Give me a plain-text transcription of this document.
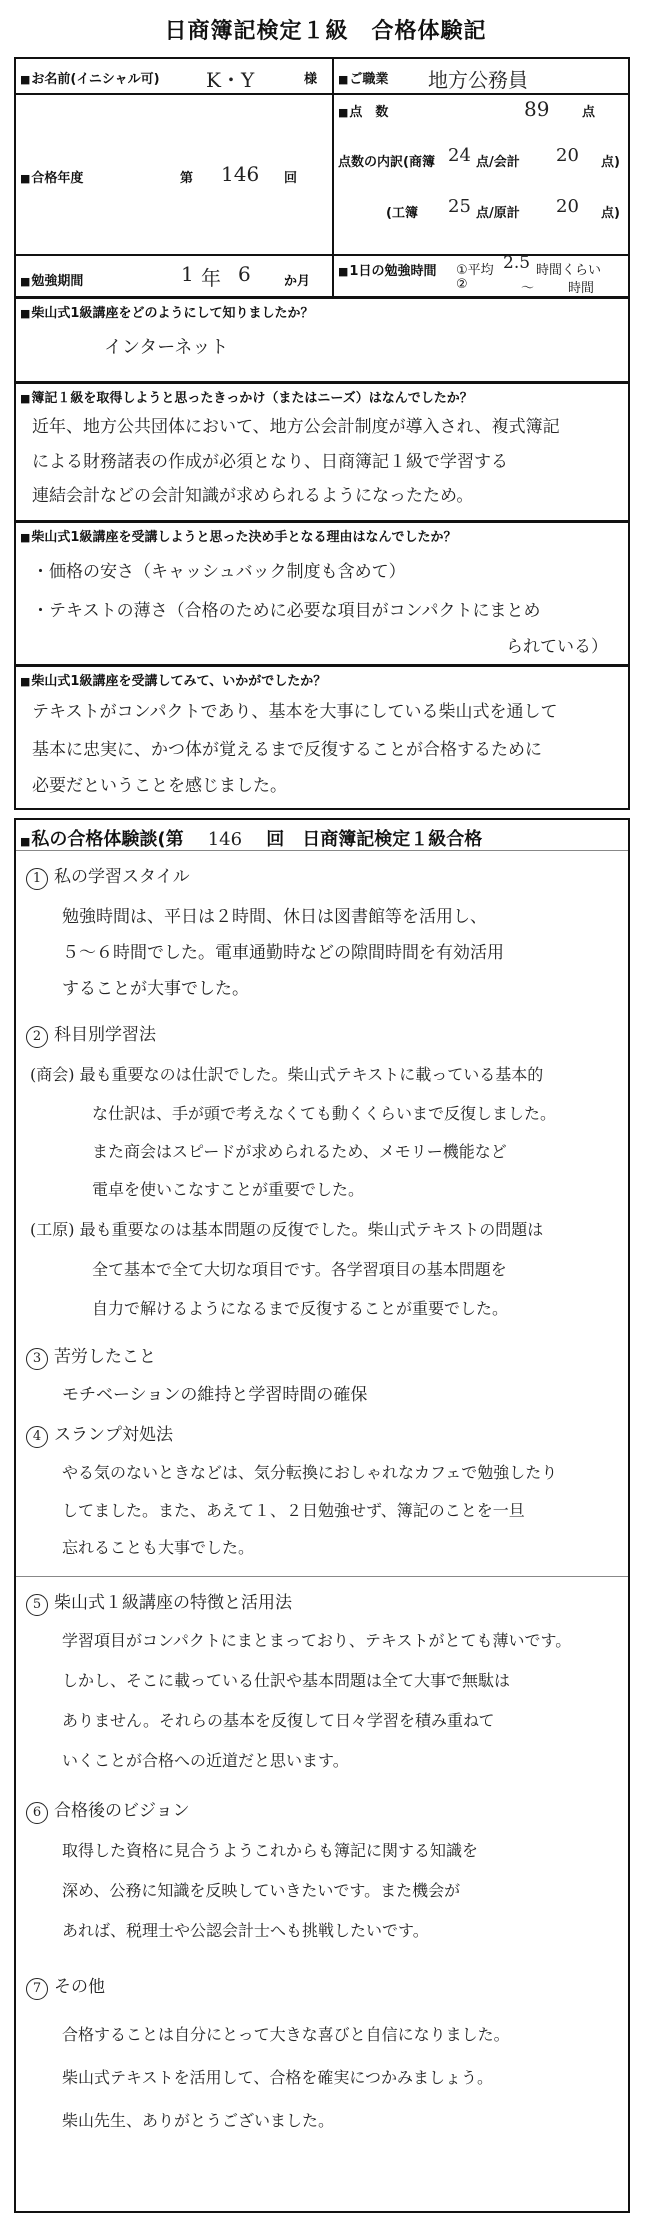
日商簿記検定１級　合格体験記
■ お名前(イニシャル可) K・Y	様
■	ご職業 地方公務員
■ 合格年度	第 146 回
■ 点　数	89	点
点数の内訳(商簿 24 点/会計 20 点)
(工簿 25 点/原計 20 点)
■ 勉強期間	1 年 6	か月
■ 1日の勉強時間 ①平均 2.5 時間くらい
②	〜	時間
■ 柴山式1級講座をどのようにして知りましたか？
インターネット
■ 簿記１級を取得しようと思ったきっかけ（またはニーズ）はなんでしたか？
近年、地方公共団体において、地方公会計制度が導入され、複式簿記
による財務諸表の作成が必須となり、日商簿記１級で学習する
連結会計などの会計知識が求められるようになったため。
■ 柴山式1級講座を受講しようと思った決め手となる理由はなんでしたか？
・価格の安さ（キャッシュバック制度も含めて）
・テキストの薄さ（合格のために必要な項目がコンパクトにまとめ
られている）
■ 柴山式1級講座を受講してみて、いかがでしたか？
テキストがコンパクトであり、基本を大事にしている柴山式を通して
基本に忠実に、かつ体が覚えるまで反復することが合格するために
必要だということを感じました。
■ 私の合格体験談(第 146 回　日商簿記検定１級合格
1 私の学習スタイル
勉強時間は、平日は２時間、休日は図書館等を活用し、
５〜６時間でした。電車通勤時などの隙間時間を有効活用
することが大事でした。
2 科目別学習法
(商会) 最も重要なのは仕訳でした。柴山式テキストに載っている基本的
な仕訳は、手が頭で考えなくても動くくらいまで反復しました。
また商会はスピードが求められるため、メモリー機能など
電卓を使いこなすことが重要でした。
(工原) 最も重要なのは基本問題の反復でした。柴山式テキストの問題は
全て基本で全て大切な項目です。各学習項目の基本問題を
自力で解けるようになるまで反復することが重要でした。
3 苦労したこと
モチベーションの維持と学習時間の確保
4 スランプ対処法
やる気のないときなどは、気分転換におしゃれなカフェで勉強したり
してました。また、あえて１、２日勉強せず、簿記のことを一旦
忘れることも大事でした。
5 柴山式１級講座の特徴と活用法
学習項目がコンパクトにまとまっており、テキストがとても薄いです。
しかし、そこに載っている仕訳や基本問題は全て大事で無駄は
ありません。それらの基本を反復して日々学習を積み重ねて
いくことが合格への近道だと思います。
6 合格後のビジョン
取得した資格に見合うようこれからも簿記に関する知識を
深め、公務に知識を反映していきたいです。また機会が
あれば、税理士や公認会計士へも挑戦したいです。
7 その他
合格することは自分にとって大きな喜びと自信になりました。
柴山式テキストを活用して、合格を確実につかみましょう。
柴山先生、ありがとうございました。
